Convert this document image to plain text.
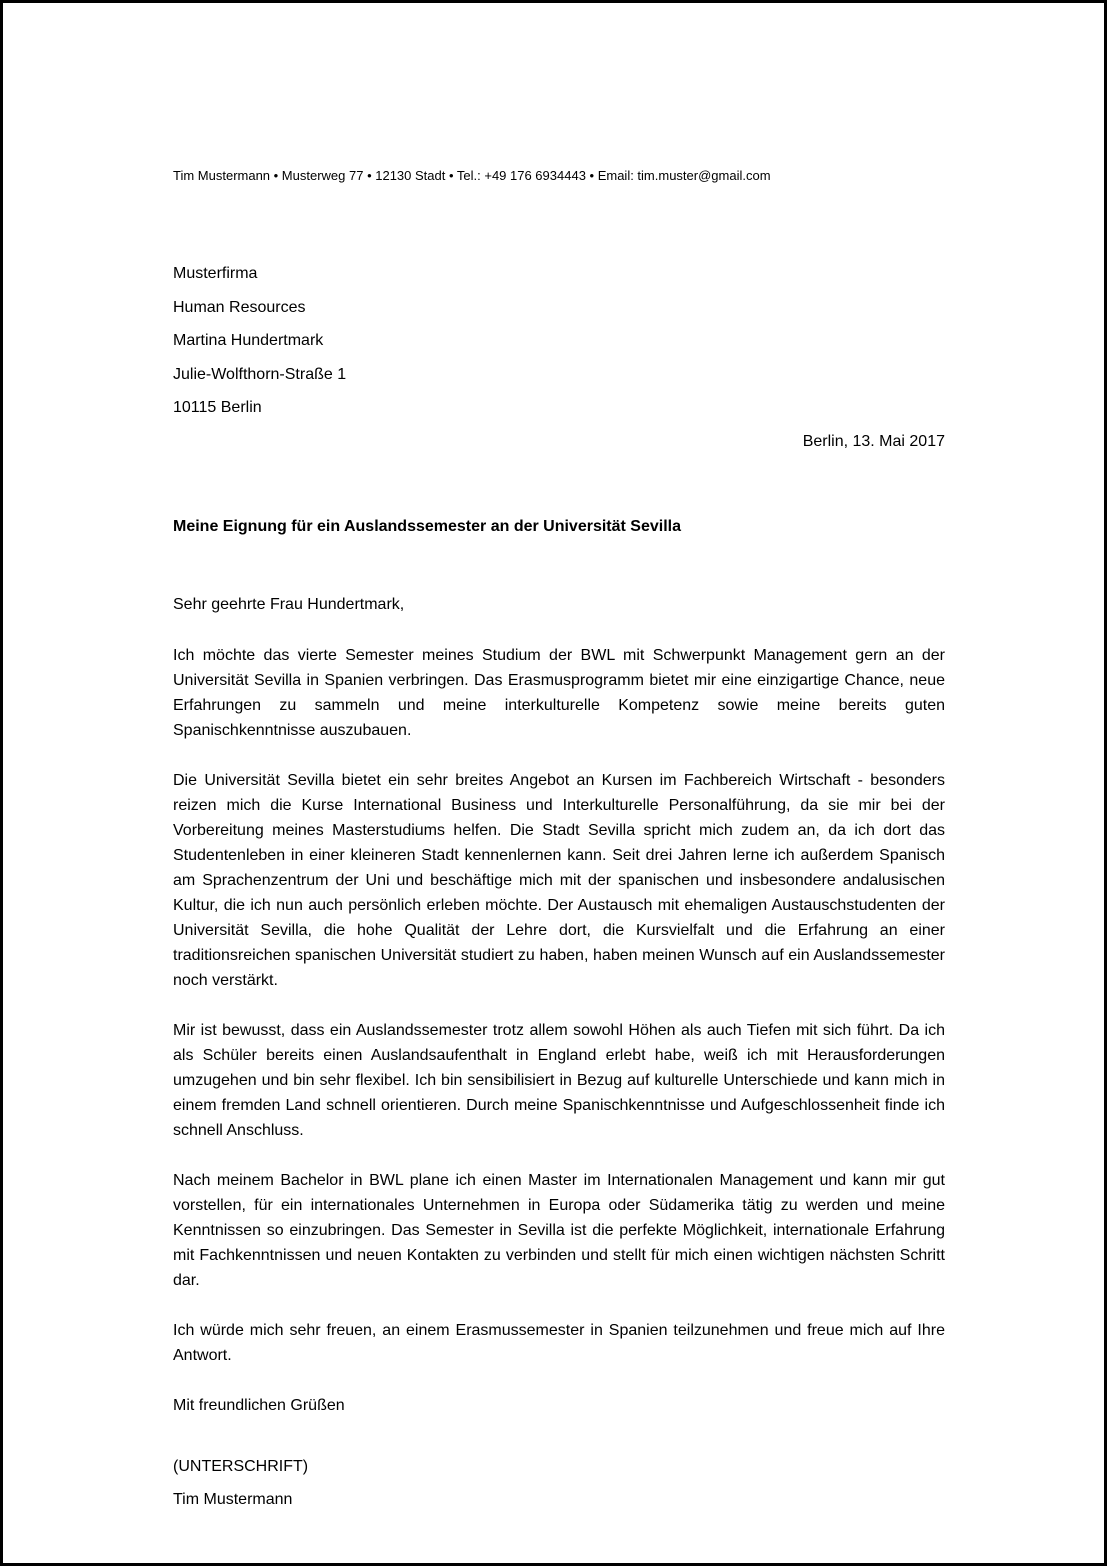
Tim Mustermann • Musterweg 77 • 12130 Stadt • Tel.: +49 176 6934443 • Email: tim.muster@gmail.com
Musterfirma
Human Resources
Martina Hundertmark
Julie-Wolfthorn-Straße 1
10115 Berlin
Berlin, 13. Mai 2017
Meine Eignung für ein Auslandssemester an der Universität Sevilla
Sehr geehrte Frau Hundertmark,
Ich möchte das vierte Semester meines Studium der BWL mit Schwerpunkt Management gern an der Universität Sevilla in Spanien verbringen. Das Erasmusprogramm bietet mir eine einzigartige Chance, neue Erfahrungen zu sammeln und meine interkulturelle Kompetenz sowie meine bereits guten Spanischkenntnisse auszubauen.
Die Universität Sevilla bietet ein sehr breites Angebot an Kursen im Fachbereich Wirtschaft - besonders reizen mich die Kurse International Business und Interkulturelle Personalführung, da sie mir bei der Vorbereitung meines Masterstudiums helfen. Die Stadt Sevilla spricht mich zudem an, da ich dort das Studentenleben in einer kleineren Stadt kennenlernen kann. Seit drei Jahren lerne ich außerdem Spanisch am Sprachenzentrum der Uni und beschäftige mich mit der spanischen und insbesondere andalusischen Kultur, die ich nun auch persönlich erleben möchte. Der Austausch mit ehemaligen Austauschstudenten der Universität Sevilla, die hohe Qualität der Lehre dort, die Kursvielfalt und die Erfahrung an einer traditionsreichen spanischen Universität studiert zu haben, haben meinen Wunsch auf ein Auslandssemester noch verstärkt.
Mir ist bewusst, dass ein Auslandssemester trotz allem sowohl Höhen als auch Tiefen mit sich führt. Da ich als Schüler bereits einen Auslandsaufenthalt in England erlebt habe, weiß ich mit Herausforderungen umzugehen und bin sehr flexibel. Ich bin sensibilisiert in Bezug auf kulturelle Unterschiede und kann mich in einem fremden Land schnell orientieren. Durch meine Spanischkenntnisse und Aufgeschlossenheit finde ich schnell Anschluss.
Nach meinem Bachelor in BWL plane ich einen Master im Internationalen Management und kann mir gut vorstellen, für ein internationales Unternehmen in Europa oder Südamerika tätig zu werden und meine Kenntnissen so einzubringen. Das Semester in Sevilla ist die perfekte Möglichkeit, internationale Erfahrung mit Fachkenntnissen und neuen Kontakten zu verbinden und stellt für mich einen wichtigen nächsten Schritt dar.
Ich würde mich sehr freuen, an einem Erasmussemester in Spanien teilzunehmen und freue mich auf Ihre Antwort.
Mit freundlichen Grüßen
(UNTERSCHRIFT)
Tim Mustermann
